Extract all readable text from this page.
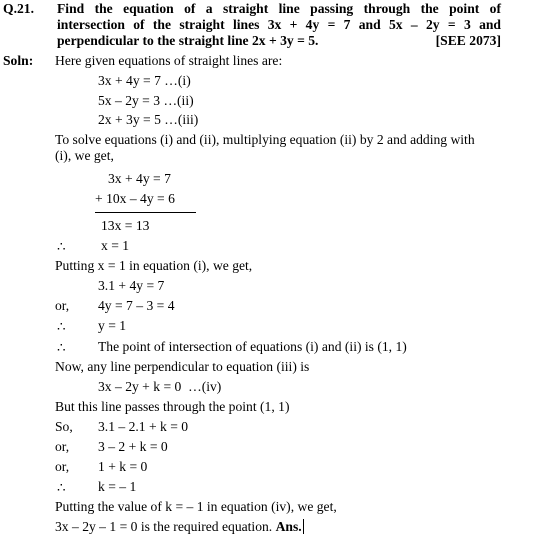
Q.21. Find the equation of a straight line passing through the point of
intersection of the straight lines 3x + 4y = 7 and 5x – 2y = 3 and
perpendicular to the straight line 2x + 3y = 5.	[SEE 2073]
Soln: Here given equations of straight lines are:
3x + 4y = 7 …(i)
5x – 2y = 3 …(ii)
2x + 3y = 5 …(iii)
To solve equations (i) and (ii), multiplying equation (ii) by 2 and adding with
(i), we get,
3x + 4y = 7
+ 10x – 4y = 6
13x = 13
∴	x = 1
Putting x = 1 in equation (i), we get,
3.1 + 4y = 7
or, 4y = 7 – 3 = 4
∴ y = 1
∴ The point of intersection of equations (i) and (ii) is (1, 1)
Now, any line perpendicular to equation (iii) is
3x – 2y + k = 0  …(iv)
But this line passes through the point (1, 1)
So, 3.1 – 2.1 + k = 0
or, 3 – 2 + k = 0
or, 1 + k = 0
∴ k = – 1
Putting the value of k = – 1 in equation (iv), we get,
3x – 2y – 1 = 0 is the required equation. Ans.
